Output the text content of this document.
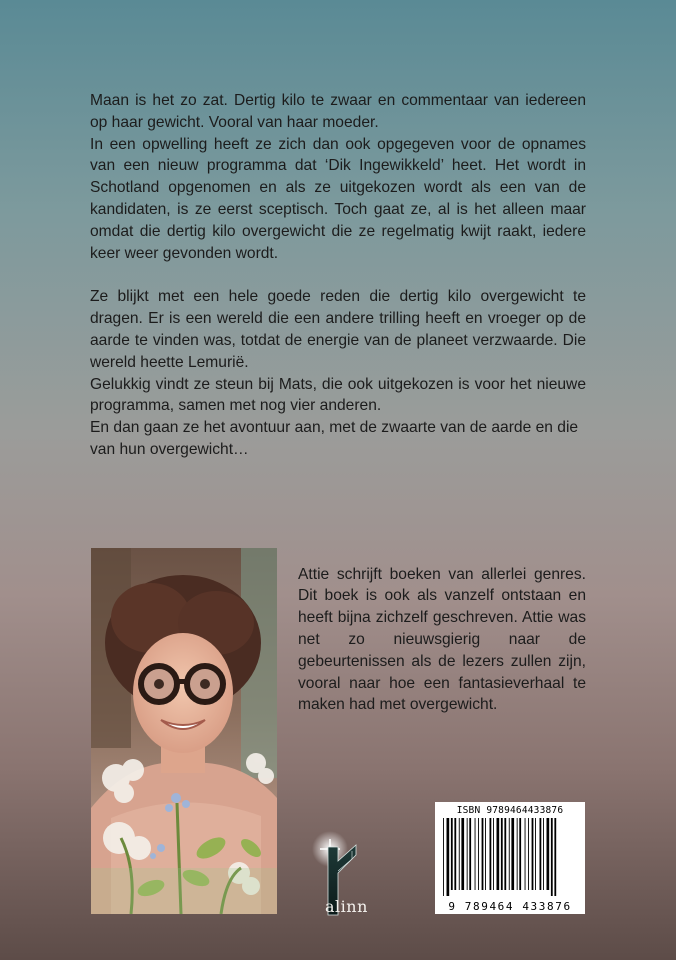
Maan is het zo zat. Dertig kilo te zwaar en commentaar van iedereen op haar gewicht. Vooral van haar moeder.

In een opwelling heeft ze zich dan ook opgegeven voor de opnames van een nieuw programma dat ‘Dik Ingewikkeld’ heet. Het wordt in Schotland opgenomen en als ze uitgekozen wordt als een van de kandidaten, is ze eerst sceptisch. Toch gaat ze, al is het alleen maar omdat die dertig kilo overgewicht die ze regelmatig kwijt raakt, iedere keer weer gevonden wordt.

Ze blijkt met een hele goede reden die dertig kilo overgewicht te dragen. Er is een wereld die een andere trilling heeft en vroeger op de aarde te vinden was, totdat de energie van de planeet verzwaarde. Die wereld heette Lemurië.

Gelukkig vindt ze steun bij Mats, die ook uitgekozen is voor het nieuwe programma, samen met nog vier anderen.

En dan gaan ze het avontuur aan, met de zwaarte van de aarde en die van hun overgewicht…

Attie schrijft boeken van allerlei genres. Dit boek is ook als vanzelf ontstaan en heeft bijna zichzelf geschreven. Attie was net zo nieuwsgierig naar de gebeurtenissen als de lezers zullen zijn, vooral naar hoe een fantasieverhaal te maken had met overgewicht.

alinn
ISBN 9789464433876
9 789464 433876
